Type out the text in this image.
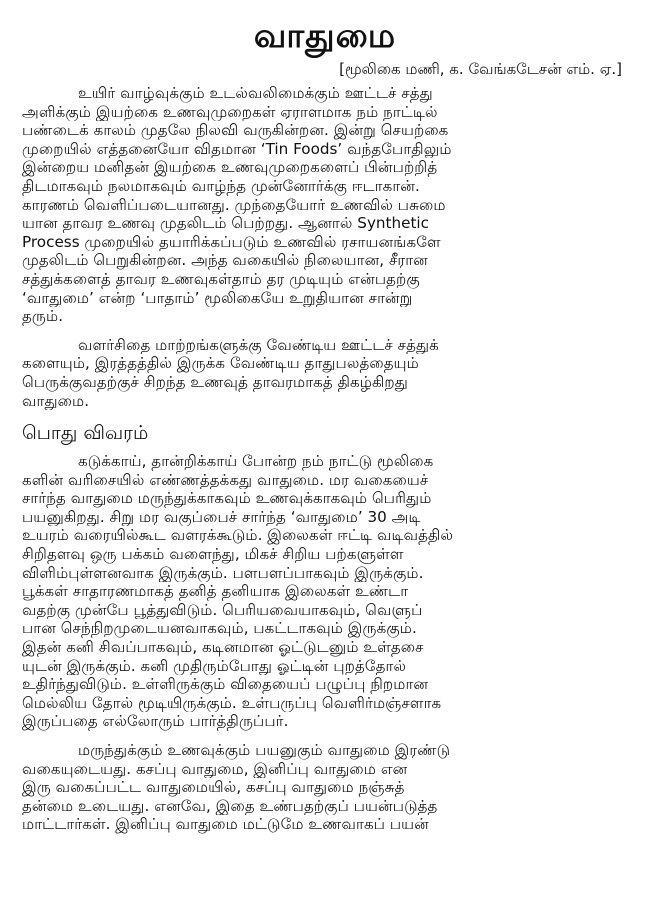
வாதுமை
[மூலிகை மணி, க. வேங்கடேசன் எம். ஏ.]

உயிர் வாழ்வுக்கும் உடல்வலிமைக்கும் ஊட்டச் சத்து
அளிக்கும் இயற்கை உணவுமுறைகள் ஏராளமாக நம் நாட்டில்
பண்டைக் காலம் முதலே நிலவி வருகின்றன. இன்று செயற்கை
முறையில் எத்தனையோ விதமான ‘Tin Foods’ வந்தபோதிலும்
இன்றைய மனிதன் இயற்கை உணவுமுறைகளைப் பின்பற்றித்
திடமாகவும் நலமாகவும் வாழ்ந்த முன்னோர்க்கு ஈடாகான்.
காரணம் வெளிப்படையானது. முந்தையோர் உணவில் பசுமை
யான தாவர உணவு முதலிடம் பெற்றது. ஆனால் Synthetic
Process முறையில் தயாரிக்கப்படும் உணவில் ரசாயனங்களே
முதலிடம் பெறுகின்றன. அந்த வகையில் நிலையான, சீரான
சத்துக்களைத் தாவர உணவுகள்தாம் தர முடியும் என்பதற்கு
‘வாதுமை’ என்ற ‘பாதாம்’ மூலிகையே உறுதியான சான்று
தரும்.

வளர்சிதை மாற்றங்களுக்கு வேண்டிய ஊட்டச் சத்துக்
களையும், இரத்தத்தில் இருக்க வேண்டிய தாதுபலத்தையும்
பெருக்குவதற்குச் சிறந்த உணவுத் தாவரமாகத் திகழ்கிறது
வாதுமை.

பொது விவரம்

கடுக்காய், தான்றிக்காய் போன்ற நம் நாட்டு மூலிகை
களின் வரிசையில் எண்ணத்தக்கது வாதுமை. மர வகையைச்
சார்ந்த வாதுமை மருந்துக்காகவும் உணவுக்காகவும் பெரிதும்
பயனுகிறது. சிறு மர வகுப்பைச் சார்ந்த ‘வாதுமை’ 30 அடி
உயரம் வரையில்கூட வளரக்கூடும். இலைகள் ஈட்டி வடிவத்தில்
சிறிதளவு ஒரு பக்கம் வளைந்து, மிகச் சிறிய பற்களுள்ள
விளிம்புள்ளனவாக இருக்கும். பளபளப்பாகவும் இருக்கும்.
பூக்கள் சாதாரணமாகத் தனித் தனியாக இலைகள் உண்டா
வதற்கு முன்பே பூத்துவிடும். பெரியவையாகவும், வெளுப்
பான செந்நிறமுடையனவாகவும், பகட்டாகவும் இருக்கும்.
இதன் கனி சிவப்பாகவும், கடினமான ஓட்டுடனும் உள்தசை
யுடன் இருக்கும். கனி முதிரும்போது ஓட்டின் புறத்தோல்
உதிர்ந்துவிடும். உள்ளிருக்கும் விதையைப் பழுப்பு நிறமான
மெல்லிய தோல் மூடியிருக்கும். உள்பருப்பு வெளிர்மஞ்சளாக
இருப்பதை எல்லோரும் பார்த்திருப்பர்.

மருந்துக்கும் உணவுக்கும் பயனுகும் வாதுமை இரண்டு
வகையுடையது. கசப்பு வாதுமை, இனிப்பு வாதுமை என
இரு வகைப்பட்ட வாதுமையில், கசப்பு வாதுமை நஞ்சுத்
தன்மை உடையது. எனவே, இதை உண்பதற்குப் பயன்படுத்த
மாட்டார்கள். இனிப்பு வாதுமை மட்டுமே உணவாகப் பயன்
